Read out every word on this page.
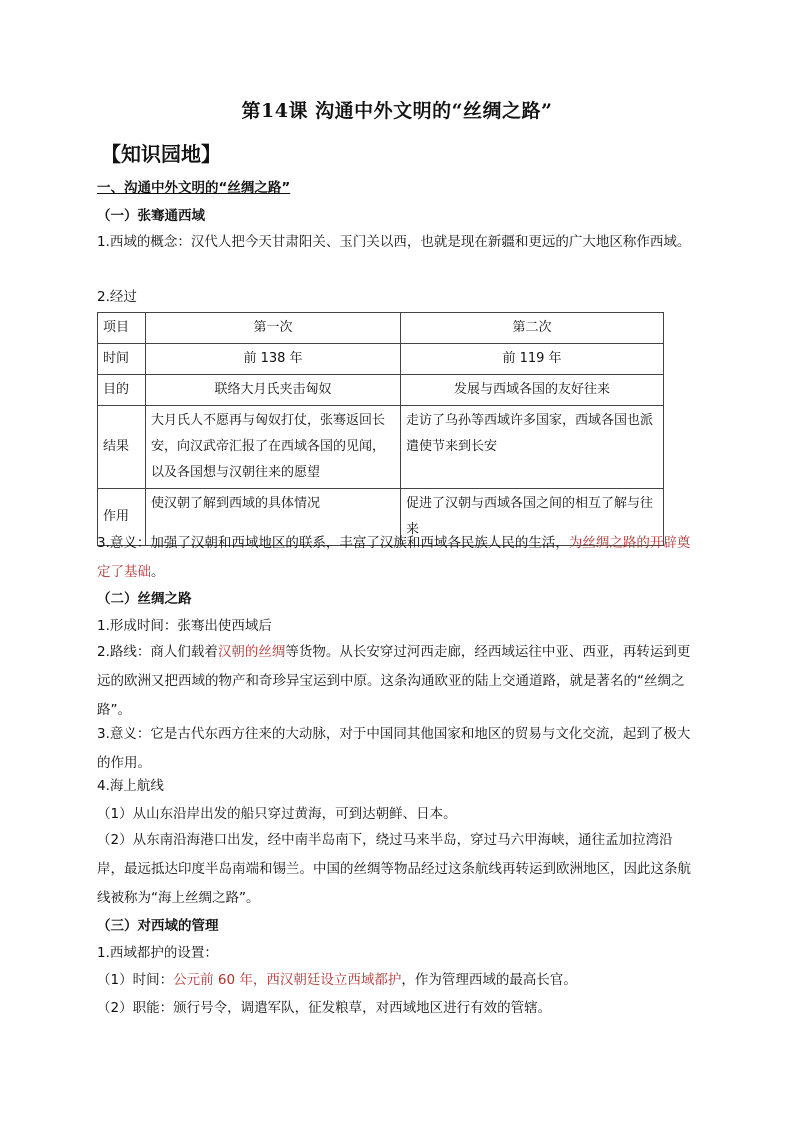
第14课 沟通中外文明的“丝绸之路”
【知识园地】
一、沟通中外文明的“丝绸之路”
（一）张骞通西域
1.西域的概念：汉代人把今天甘肃阳关、玉门关以西，也就是现在新疆和更远的广大地区称作西域。
2.经过
项目	第一次	第二次
时间	前 138 年	前 119 年
目的	联络大月氏夹击匈奴	发展与西域各国的友好往来
结果	大月氏人不愿再与匈奴打仗，张骞返回长安，向汉武帝汇报了在西域各国的见闻，以及各国想与汉朝往来的愿望	走访了乌孙等西域许多国家，西域各国也派遣使节来到长安
作用	使汉朝了解到西域的具体情况	促进了汉朝与西域各国之间的相互了解与往来
3.意义：加强了汉朝和西域地区的联系，丰富了汉族和西域各民族人民的生活，为丝绸之路的开辟奠定了基础。
（二）丝绸之路
1.形成时间：张骞出使西域后
2.路线：商人们载着汉朝的丝绸等货物。从长安穿过河西走廊，经西域运往中亚、西亚，再转运到更远的欧洲又把西域的物产和奇珍异宝运到中原。这条沟通欧亚的陆上交通道路，就是著名的“丝绸之路”。
3.意义：它是古代东西方往来的大动脉，对于中国同其他国家和地区的贸易与文化交流，起到了极大的作用。
4.海上航线
（1）从山东沿岸出发的船只穿过黄海，可到达朝鲜、日本。
（2）从东南沿海港口出发，经中南半岛南下，绕过马来半岛，穿过马六甲海峡，通往孟加拉湾沿岸，最远抵达印度半岛南端和锡兰。中国的丝绸等物品经过这条航线再转运到欧洲地区，因此这条航线被称为“海上丝绸之路”。
（三）对西域的管理
1.西域都护的设置：
（1）时间：公元前 60 年，西汉朝廷设立西域都护，作为管理西域的最高长官。
（2）职能：颁行号令，调遣军队，征发粮草，对西域地区进行有效的管辖。
